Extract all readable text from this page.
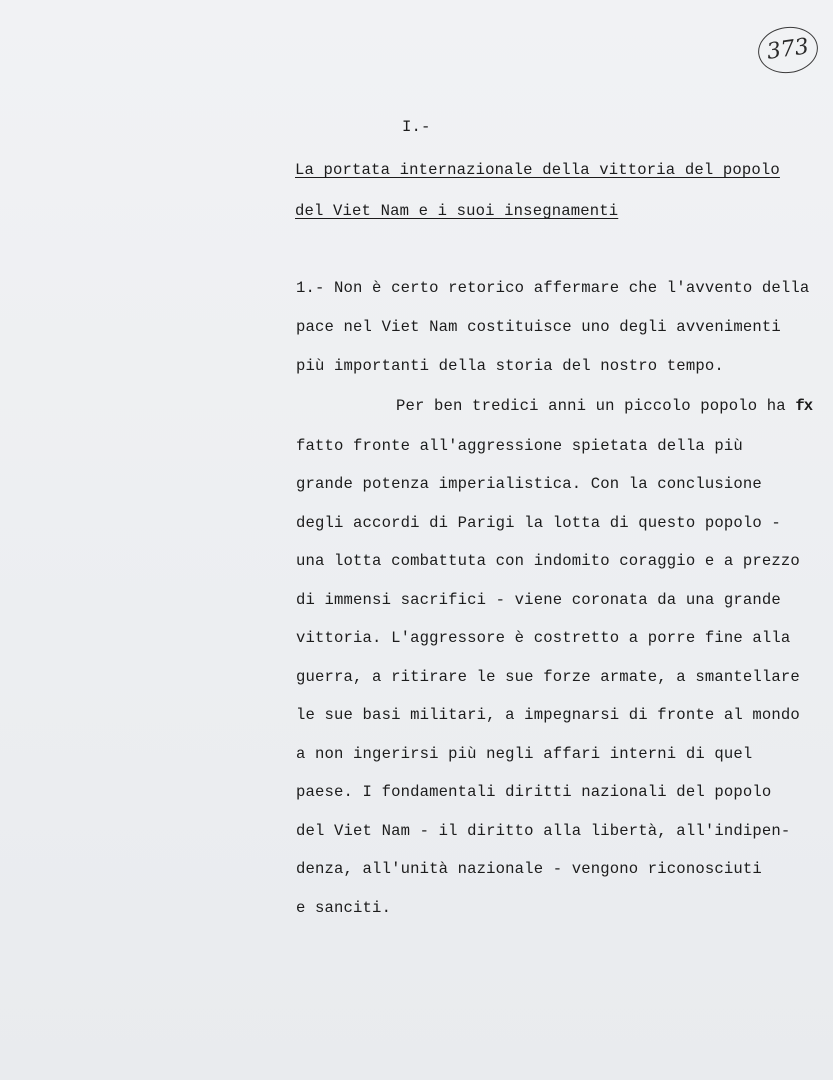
373
I.-
La portata internazionale della vittoria del popolo
del Viet Nam e i suoi insegnamenti
1.- Non è certo retorico affermare che l'avvento della
pace nel Viet Nam costituisce uno degli avvenimenti
più importanti della storia del nostro tempo.
Per ben tredici anni un piccolo popolo ha fx
fatto fronte all'aggressione spietata della più
grande potenza imperialistica. Con la conclusione
degli accordi di Parigi la lotta di questo popolo -
una lotta combattuta con indomito coraggio e a prezzo
di immensi sacrifici - viene coronata da una grande
vittoria. L'aggressore è costretto a porre fine alla
guerra, a ritirare le sue forze armate, a smantellare
le sue basi militari, a impegnarsi di fronte al mondo
a non ingerirsi più negli affari interni di quel
paese. I fondamentali diritti nazionali del popolo
del Viet Nam - il diritto alla libertà, all'indipen-
denza, all'unità nazionale - vengono riconosciuti
e sanciti.
